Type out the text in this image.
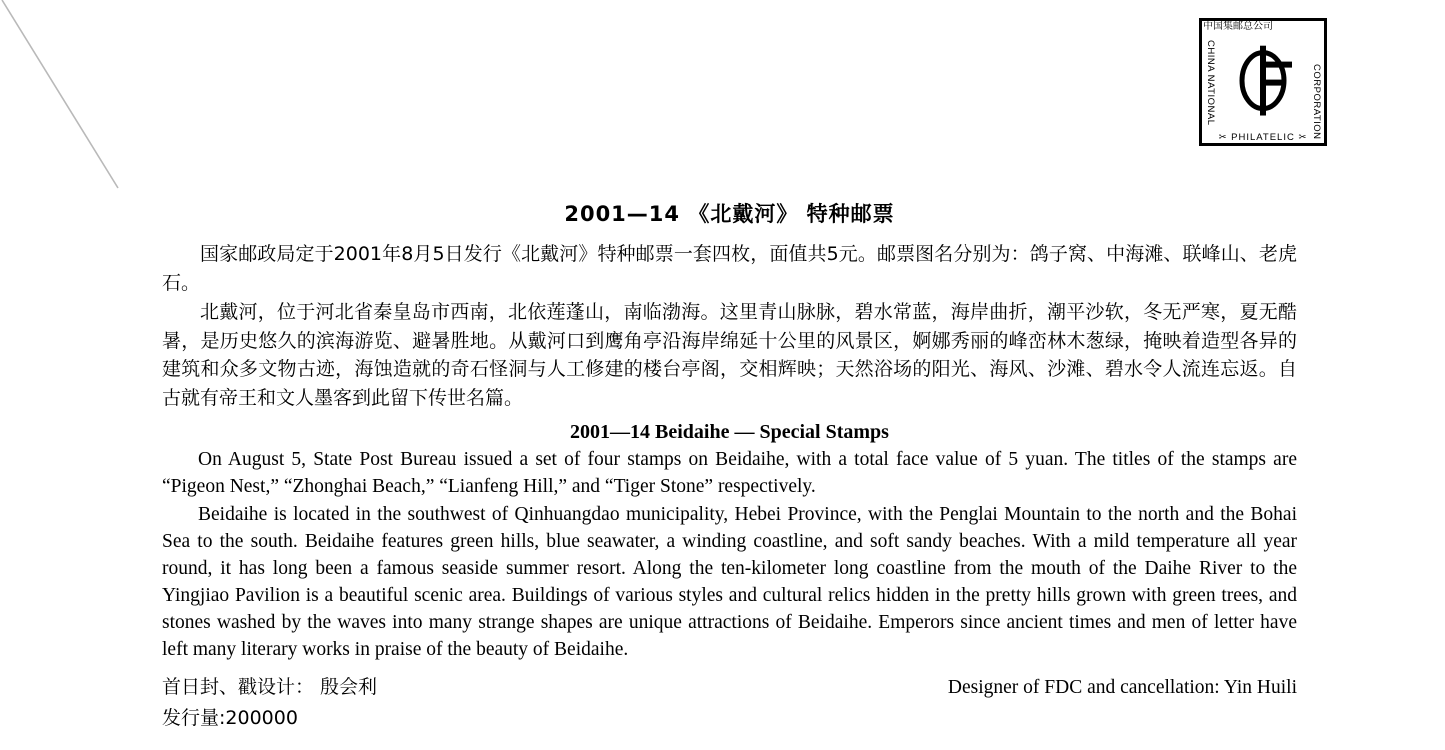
中国集邮总公司
CHINA NATIONAL	CORPORATION
✂ PHILATELIC ✂
2001—14 《北戴河》 特种邮票

国家邮政局定于2001年8月5日发行《北戴河》特种邮票一套四枚，面值共5元。邮票图名分别为：鸽子窝、中海滩、联峰山、老虎石。

北戴河，位于河北省秦皇岛市西南，北依莲蓬山，南临渤海。这里青山脉脉，碧水常蓝，海岸曲折，潮平沙软，冬无严寒，夏无酷暑，是历史悠久的滨海游览、避暑胜地。从戴河口到鹰角亭沿海岸绵延十公里的风景区，婀娜秀丽的峰峦林木葱绿，掩映着造型各异的建筑和众多文物古迹，海蚀造就的奇石怪洞与人工修建的楼台亭阁，交相辉映；天然浴场的阳光、海风、沙滩、碧水令人流连忘返。自古就有帝王和文人墨客到此留下传世名篇。

2001—14 Beidaihe — Special Stamps

On August 5, State Post Bureau issued a set of four stamps on Beidaihe, with a total face value of 5 yuan. The titles of the stamps are “Pigeon Nest,” “Zhonghai Beach,” “Lianfeng Hill,” and “Tiger Stone” respectively.

Beidaihe is located in the southwest of Qinhuangdao municipality, Hebei Province, with the Penglai Mountain to the north and the Bohai Sea to the south. Beidaihe features green hills, blue seawater, a winding coastline, and soft sandy beaches. With a mild temperature all year round, it has long been a famous seaside summer resort. Along the ten-kilometer long coastline from the mouth of the Daihe River to the Yingjiao Pavilion is a beautiful scenic area. Buildings of various styles and cultural relics hidden in the pretty hills grown with green trees, and stones washed by the waves into many strange shapes are unique attractions of Beidaihe. Emperors since ancient times and men of letter have left many literary works in praise of the beauty of Beidaihe.

首日封、戳设计： 殷会利	Designer of FDC and cancellation: Yin Huili
发行量:200000
